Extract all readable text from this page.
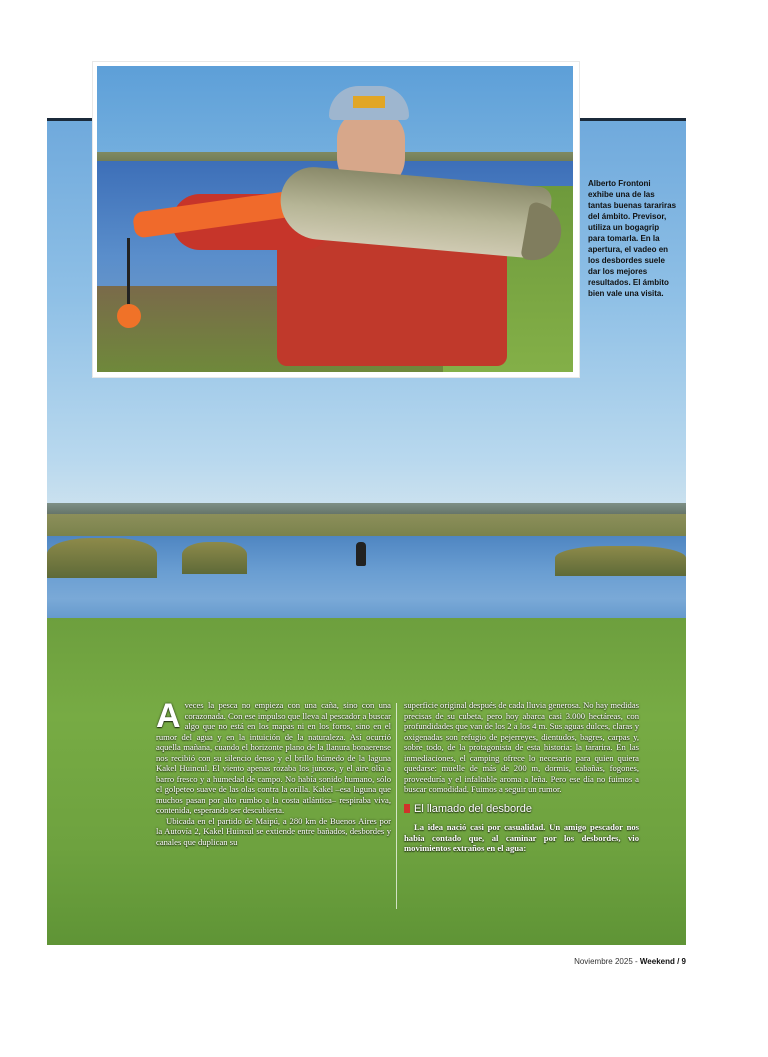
Alberto Frontoni exhibe una de las tantas buenas tarariras del ámbito. Previsor, utiliza un bogagrip para tomarla. En la apertura, el vadeo en los desbordes suele dar los mejores resultados. El ámbito bien vale una visita.

Aveces la pesca no empieza con una caña, sino con una corazonada. Con ese impulso que lleva al pescador a buscar algo que no está en los mapas ni en los foros, sino en el rumor del agua y en la intuición de la naturaleza. Así ocurrió aquella mañana, cuando el horizonte plano de la llanura bonaerense nos recibió con su silencio denso y el brillo húmedo de la laguna Kakel Huincul. El viento apenas rozaba los juncos, y el aire olía a barro fresco y a humedad de campo. No había sonido humano, sólo el golpeteo suave de las olas contra la orilla. Kakel –esa laguna que muchos pasan por alto rumbo a la costa atlántica– respiraba viva, contenida, esperando ser descubierta.

Ubicada en el partido de Maipú, a 280 km de Buenos Aires por la Autovía 2, Kakel Huincul se extiende entre bañados, desbordes y canales que duplican su

superficie original después de cada lluvia generosa. No hay medidas precisas de su cubeta, pero hoy abarca casi 3.000 hectáreas, con profundidades que van de los 2 a los 4 m. Sus aguas dulces, claras y oxigenadas son refugio de pejerreyes, dientudos, bagres, carpas y, sobre todo, de la protagonista de esta historia: la tararira. En las inmediaciones, el camping ofrece lo necesario para quien quiera quedarse: muelle de más de 200 m, dormis, cabañas, fogones, proveeduría y el infaltable aroma a leña. Pero ese día no fuimos a buscar comodidad. Fuimos a seguir un rumor.

El llamado del desborde

La idea nació casi por casualidad. Un amigo pescador nos había contado que, al caminar por los desbordes, vio movimientos extraños en el agua:

Noviembre 2025 - Weekend / 9
